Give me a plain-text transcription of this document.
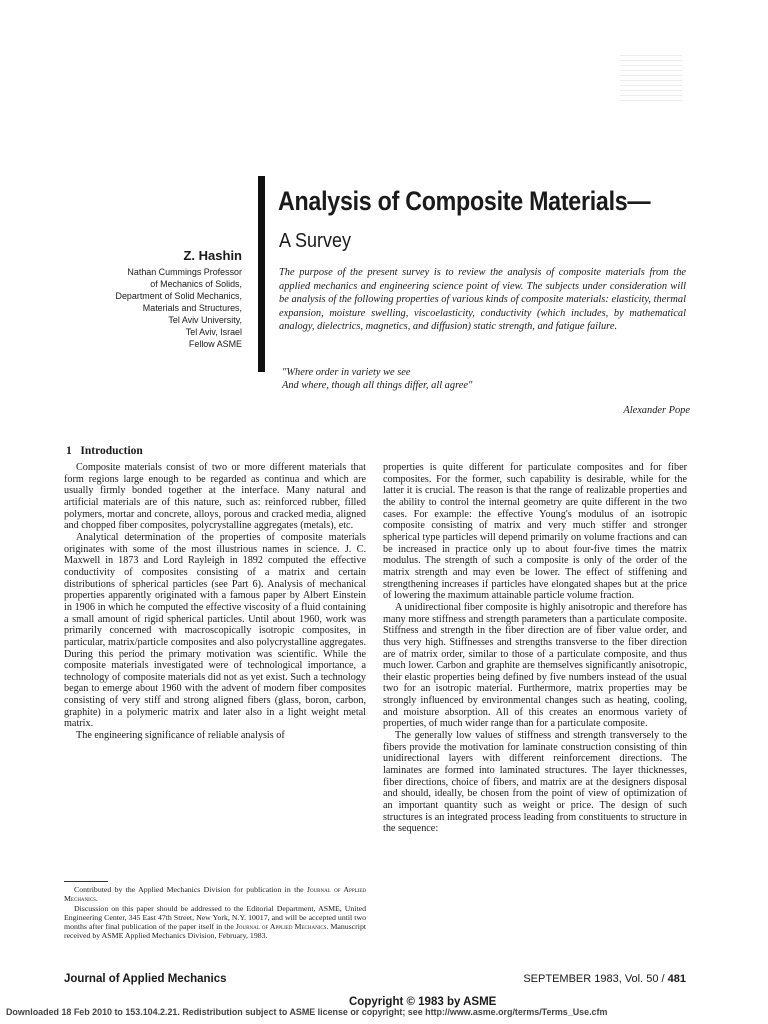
Analysis of Composite Materials—
A Survey
Z. Hashin
Nathan Cummings Professor
of Mechanics of Solids,
Department of Solid Mechanics,
Materials and Structures,
Tel Aviv University,
Tel Aviv, Israel
Fellow ASME
The purpose of the present survey is to review the analysis of composite materials from the applied mechanics and engineering science point of view. The subjects under consideration will be analysis of the following properties of various kinds of composite materials: elasticity, thermal expansion, moisture swelling, viscoelasticity, conductivity (which includes, by mathematical analogy, dielectrics, magnetics, and diffusion) static strength, and fatigue failure.
"Where order in variety we see
And where, though all things differ, all agree"
Alexander Pope
1   Introduction

Composite materials consist of two or more different materials that form regions large enough to be regarded as continua and which are usually firmly bonded together at the interface. Many natural and artificial materials are of this nature, such as: reinforced rubber, filled polymers, mortar and concrete, alloys, porous and cracked media, aligned and chopped fiber composites, polycrystalline aggregates (metals), etc.

Analytical determination of the properties of composite materials originates with some of the most illustrious names in science. J. C. Maxwell in 1873 and Lord Rayleigh in 1892 computed the effective conductivity of composites consisting of a matrix and certain distributions of spherical particles (see Part 6). Analysis of mechanical properties apparently originated with a famous paper by Albert Einstein in 1906 in which he computed the effective viscosity of a fluid containing a small amount of rigid spherical particles. Until about 1960, work was primarily concerned with macroscopically isotropic composites, in particular, matrix/particle composites and also polycrystalline aggregates. During this period the primary motivation was scientific. While the composite materials investigated were of technological importance, a technology of composite materials did not as yet exist. Such a technology began to emerge about 1960 with the advent of modern fiber composites consisting of very stiff and strong aligned fibers (glass, boron, carbon, graphite) in a polymeric matrix and later also in a light weight metal matrix.

The engineering significance of reliable analysis of

properties is quite different for particulate composites and for fiber composites. For the former, such capability is desirable, while for the latter it is crucial. The reason is that the range of realizable properties and the ability to control the internal geometry are quite different in the two cases. For example: the effective Young's modulus of an isotropic composite consisting of matrix and very much stiffer and stronger spherical type particles will depend primarily on volume fractions and can be increased in practice only up to about four-five times the matrix modulus. The strength of such a composite is only of the order of the matrix strength and may even be lower. The effect of stiffening and strengthening increases if particles have elongated shapes but at the price of lowering the maximum attainable particle volume fraction.

A unidirectional fiber composite is highly anisotropic and therefore has many more stiffness and strength parameters than a particulate composite. Stiffness and strength in the fiber direction are of fiber value order, and thus very high. Stiffnesses and strengths transverse to the fiber direction are of matrix order, similar to those of a particulate composite, and thus much lower. Carbon and graphite are themselves significantly anisotropic, their elastic properties being defined by five numbers instead of the usual two for an isotropic material. Furthermore, matrix properties may be strongly influenced by environmental changes such as heating, cooling, and moisture absorption. All of this creates an enormous variety of properties, of much wider range than for a particulate composite.

The generally low values of stiffness and strength transversely to the fibers provide the motivation for laminate construction consisting of thin unidirectional layers with different reinforcement directions. The laminates are formed into laminated structures. The layer thicknesses, fiber directions, choice of fibers, and matrix are at the designers disposal and should, ideally, be chosen from the point of view of optimization of an important quantity such as weight or price. The design of such structures is an integrated process leading from constituents to structure in the sequence:

Contributed by the Applied Mechanics Division for publication in the Journal of Applied Mechanics.

Discussion on this paper should be addressed to the Editorial Department, ASME, United Engineering Center, 345 East 47th Street, New York, N.Y. 10017, and will be accepted until two months after final publication of the paper itself in the Journal of Applied Mechanics. Manuscript received by ASME Applied Mechanics Division, February, 1983.

Journal of Applied Mechanics	SEPTEMBER 1983, Vol. 50 / 481
Copyright © 1983 by ASME
Downloaded 18 Feb 2010 to 153.104.2.21. Redistribution subject to ASME license or copyright; see http://www.asme.org/terms/Terms_Use.cfm
